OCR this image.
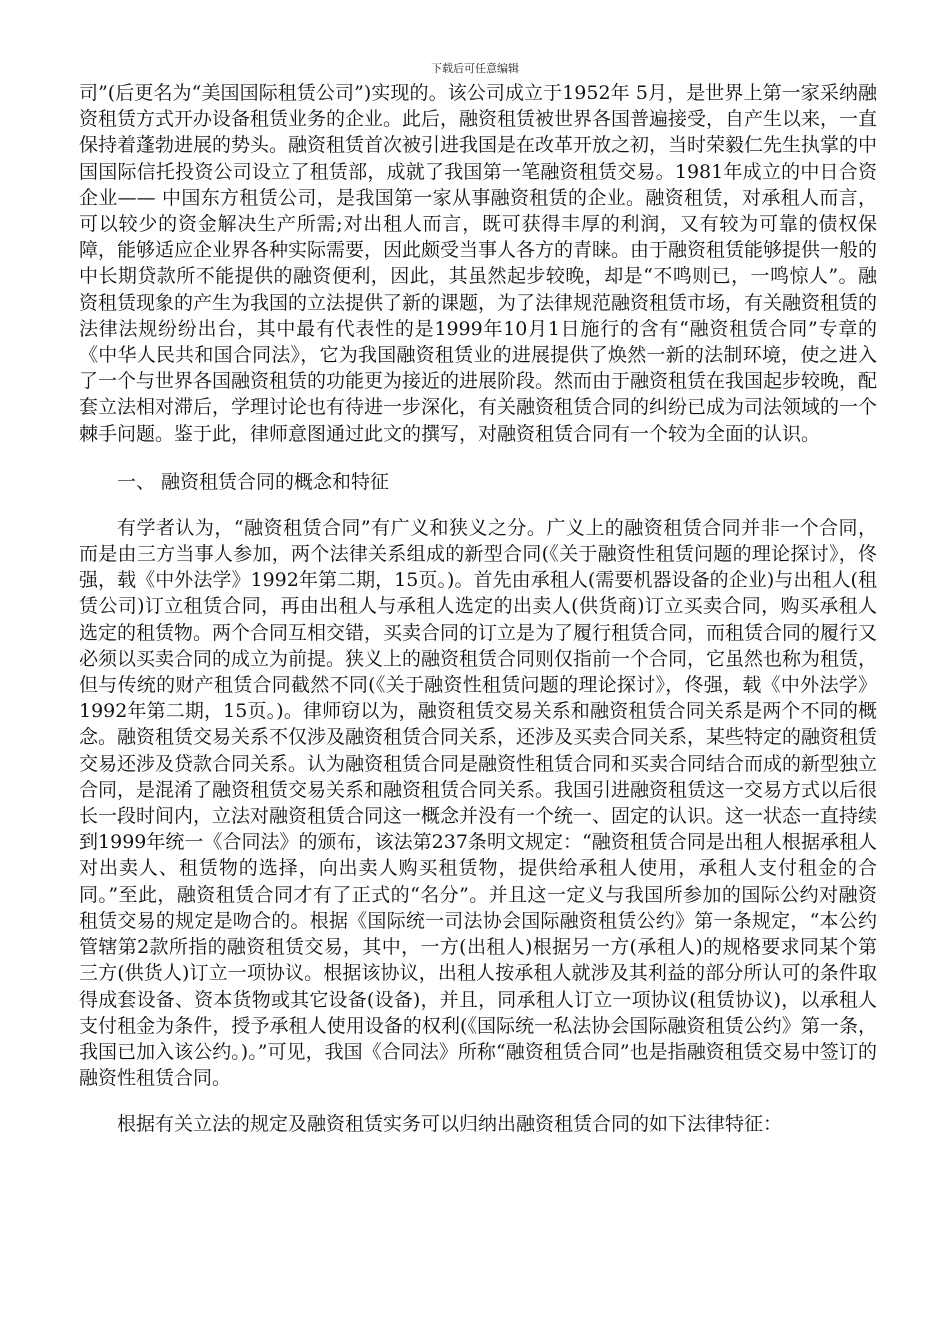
下载后可任意编辑

司”(后更名为“美国国际租赁公司”)实现的。该公司成立于1952年 5月，是世界上第一家采纳融资租赁方式开办设备租赁业务的企业。此后，融资租赁被世界各国普遍接受，自产生以来，一直保持着蓬勃进展的势头。融资租赁首次被引进我国是在改革开放之初，当时荣毅仁先生执掌的中国国际信托投资公司设立了租赁部，成就了我国第一笔融资租赁交易。1981年成立的中日合资企业—— 中国东方租赁公司，是我国第一家从事融资租赁的企业。融资租赁，对承租人而言，可以较少的资金解决生产所需;对出租人而言，既可获得丰厚的利润，又有较为可靠的债权保障，能够适应企业界各种实际需要，因此颇受当事人各方的青睐。由于融资租赁能够提供一般的中长期贷款所不能提供的融资便利，因此，其虽然起步较晚，却是“不鸣则已，一鸣惊人”。融资租赁现象的产生为我国的立法提供了新的课题，为了法律规范融资租赁市场，有关融资租赁的法律法规纷纷出台，其中最有代表性的是1999年10月1日施行的含有“融资租赁合同”专章的《中华人民共和国合同法》，它为我国融资租赁业的进展提供了焕然一新的法制环境，使之进入了一个与世界各国融资租赁的功能更为接近的进展阶段。然而由于融资租赁在我国起步较晚，配套立法相对滞后，学理讨论也有待进一步深化，有关融资租赁合同的纠纷已成为司法领域的一个棘手问题。鉴于此，律师意图通过此文的撰写，对融资租赁合同有一个较为全面的认识。

一、 融资租赁合同的概念和特征

有学者认为，“融资租赁合同”有广义和狭义之分。广义上的融资租赁合同并非一个合同，而是由三方当事人参加，两个法律关系组成的新型合同(《关于融资性租赁问题的理论探讨》，佟强，载《中外法学》1992年第二期，15页。)。首先由承租人(需要机器设备的企业)与出租人(租赁公司)订立租赁合同，再由出租人与承租人选定的出卖人(供货商)订立买卖合同，购买承租人选定的租赁物。两个合同互相交错，买卖合同的订立是为了履行租赁合同，而租赁合同的履行又必须以买卖合同的成立为前提。狭义上的融资租赁合同则仅指前一个合同，它虽然也称为租赁，但与传统的财产租赁合同截然不同(《关于融资性租赁问题的理论探讨》，佟强，载《中外法学》1992年第二期，15页。)。律师窃以为，融资租赁交易关系和融资租赁合同关系是两个不同的概念。融资租赁交易关系不仅涉及融资租赁合同关系，还涉及买卖合同关系，某些特定的融资租赁交易还涉及贷款合同关系。认为融资租赁合同是融资性租赁合同和买卖合同结合而成的新型独立合同，是混淆了融资租赁交易关系和融资租赁合同关系。我国引进融资租赁这一交易方式以后很长一段时间内，立法对融资租赁合同这一概念并没有一个统一、固定的认识。这一状态一直持续到1999年统一《合同法》的颁布，该法第237条明文规定：“融资租赁合同是出租人根据承租人对出卖人、租赁物的选择，向出卖人购买租赁物，提供给承租人使用，承租人支付租金的合同。”至此，融资租赁合同才有了正式的“名分”。并且这一定义与我国所参加的国际公约对融资租赁交易的规定是吻合的。根据《国际统一司法协会国际融资租赁公约》第一条规定，“本公约管辖第2款所指的融资租赁交易，其中，一方(出租人)根据另一方(承租人)的规格要求同某个第三方(供货人)订立一项协议。根据该协议，出租人按承租人就涉及其利益的部分所认可的条件取得成套设备、资本货物或其它设备(设备)，并且，同承租人订立一项协议(租赁协议)，以承租人支付租金为条件，授予承租人使用设备的权利(《国际统一私法协会国际融资租赁公约》第一条，我国已加入该公约。)。”可见，我国《合同法》所称“融资租赁合同”也是指融资租赁交易中签订的融资性租赁合同。

根据有关立法的规定及融资租赁实务可以归纳出融资租赁合同的如下法律特征：
